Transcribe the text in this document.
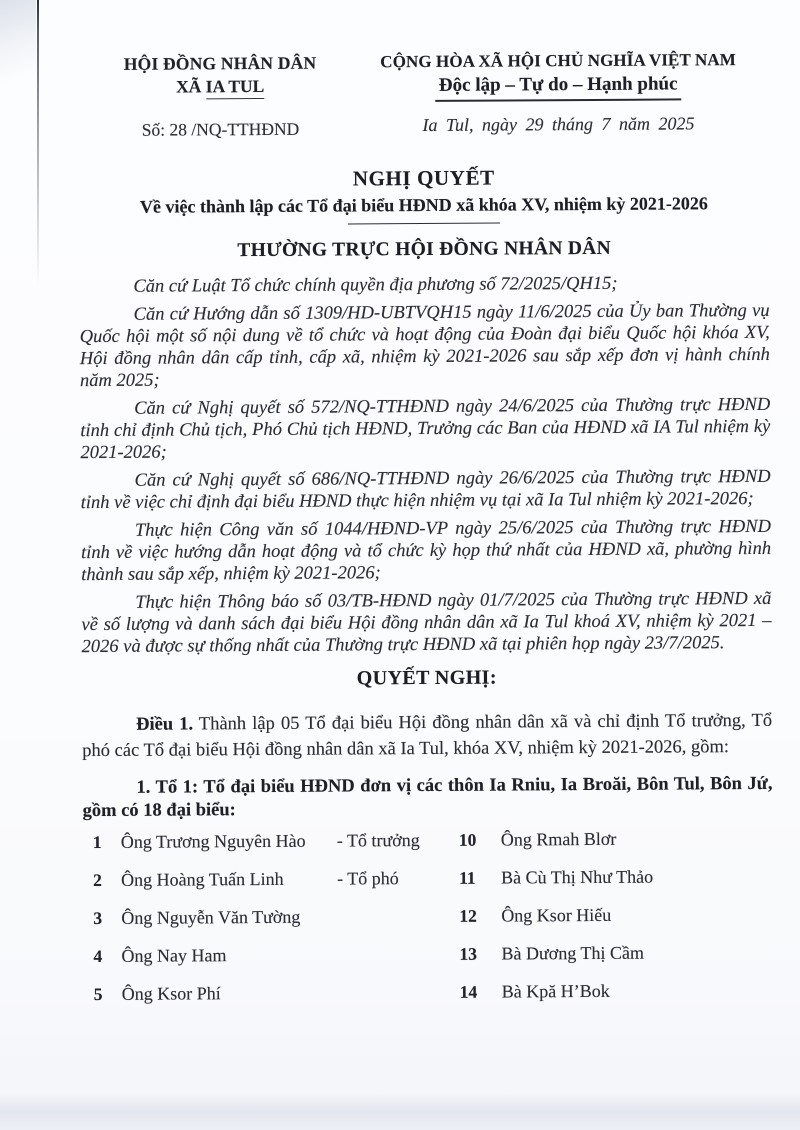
HỘI ĐỒNG NHÂN DÂN
XÃ IA TUL
Số: 28 /NQ-TTHĐND
CỘNG HÒA XÃ HỘI CHỦ NGHĨA VIỆT NAM
Độc lập – Tự do – Hạnh phúc
Ia Tul, ngày 29 tháng 7 năm 2025
NGHỊ QUYẾT
Về việc thành lập các Tổ đại biểu HĐND xã khóa XV, nhiệm kỳ 2021-2026
THƯỜNG TRỰC HỘI ĐỒNG NHÂN DÂN

Căn cứ Luật Tổ chức chính quyền địa phương số 72/2025/QH15;

Căn cứ Hướng dẫn số 1309/HD-UBTVQH15 ngày 11/6/2025 của Ủy ban Thường vụ Quốc hội một số nội dung về tổ chức và hoạt động của Đoàn đại biểu Quốc hội khóa XV, Hội đồng nhân dân cấp tỉnh, cấp xã, nhiệm kỳ 2021-2026 sau sắp xếp đơn vị hành chính năm 2025;

Căn cứ Nghị quyết số 572/NQ-TTHĐND ngày 24/6/2025 của Thường trực HĐND tỉnh chỉ định Chủ tịch, Phó Chủ tịch HĐND, Trưởng các Ban của HĐND xã IA Tul nhiệm kỳ 2021-2026;

Căn cứ Nghị quyết số 686/NQ-TTHĐND ngày 26/6/2025 của Thường trực HĐND tỉnh về việc chỉ định đại biểu HĐND thực hiện nhiệm vụ tại xã Ia Tul nhiệm kỳ 2021-2026;

Thực hiện Công văn số 1044/HĐND-VP ngày 25/6/2025 của Thường trực HĐND tỉnh về việc hướng dẫn hoạt động và tổ chức kỳ họp thứ nhất của HĐND xã, phường hình thành sau sắp xếp, nhiệm kỳ 2021-2026;

Thực hiện Thông báo số 03/TB-HĐND ngày 01/7/2025 của Thường trực HĐND xã về số lượng và danh sách đại biểu Hội đồng nhân dân xã Ia Tul khoá XV, nhiệm kỳ 2021 – 2026 và được sự thống nhất của Thường trực HĐND xã tại phiên họp ngày 23/7/2025.

QUYẾT NGHỊ:
Điều 1. Thành lập 05 Tổ đại biểu Hội đồng nhân dân xã và chỉ định Tổ trưởng, Tổ phó các Tổ đại biểu Hội đồng nhân dân xã Ia Tul, khóa XV, nhiệm kỳ 2021-2026, gồm:
1. Tổ 1: Tổ đại biểu HĐND đơn vị các thôn Ia Rniu, Ia Broăi, Bôn Tul, Bôn Jứ, gồm có 18 đại biểu:
1	Ông Trương Nguyên Hào	- Tổ trưởng	10	Ông Rmah Blơr
2	Ông Hoàng Tuấn Linh	- Tổ phó	11	Bà Cù Thị Như Thảo
3	Ông Nguyễn Văn Tường	12	Ông Ksor Hiếu
4	Ông Nay Ham	13	Bà Dương Thị Cầm
5	Ông Ksor Phí	14	Bà Kpă H’Bok
